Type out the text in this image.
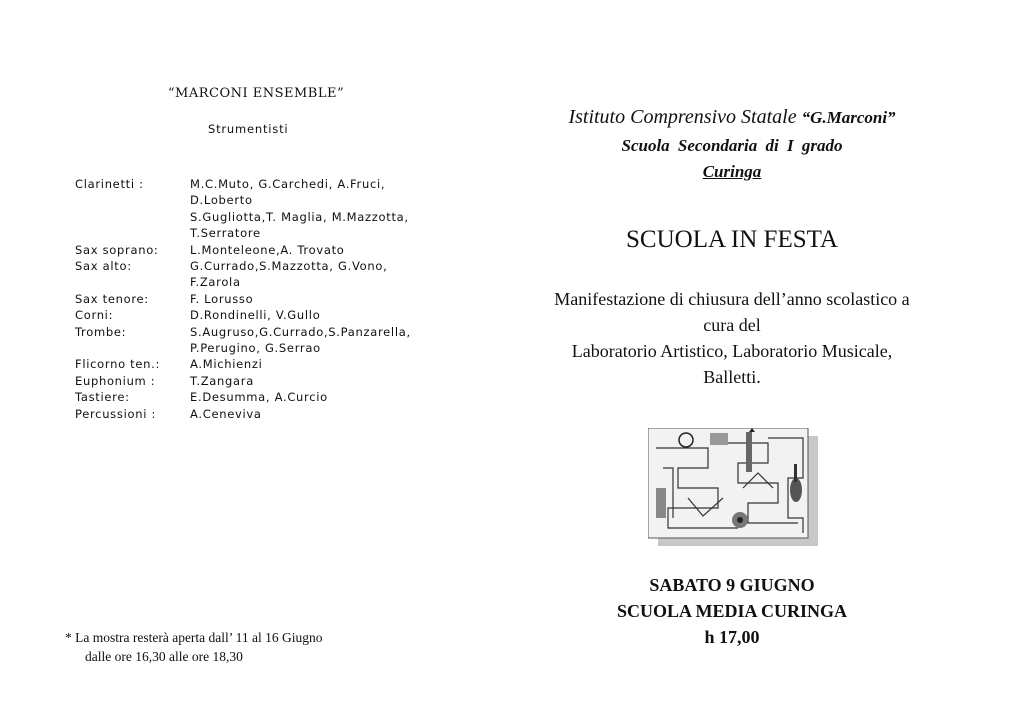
“MARCONI ENSEMBLE”
Strumentisti
Clarinetti :	M.C.Muto, G.Carchedi, A.Fruci,
D.Loberto
S.Gugliotta,T. Maglia, M.Mazzotta,
T.Serratore
Sax soprano:	L.Monteleone,A. Trovato
Sax alto:	G.Currado,S.Mazzotta, G.Vono,
F.Zarola
Sax tenore:	F. Lorusso
Corni:	D.Rondinelli, V.Gullo
Trombe:	S.Augruso,G.Currado,S.Panzarella,
P.Perugino, G.Serrao
Flicorno ten.:	A.Michienzi
Euphonium :	T.Zangara
Tastiere:	E.Desumma, A.Curcio
Percussioni :	A.Ceneviva
* La mostra resterà aperta dall’ 11 al 16 Giugno
dalle ore 16,30 alle ore 18,30
Istituto Comprensivo Statale “G.Marconi”
Scuola Secondaria di I grado
Curinga
SCUOLA IN FESTA
Manifestazione di chiusura dell’anno scolastico a
cura del
Laboratorio Artistico, Laboratorio Musicale,
Balletti.
SABATO 9 GIUGNO
SCUOLA MEDIA CURINGA
h 17,00
